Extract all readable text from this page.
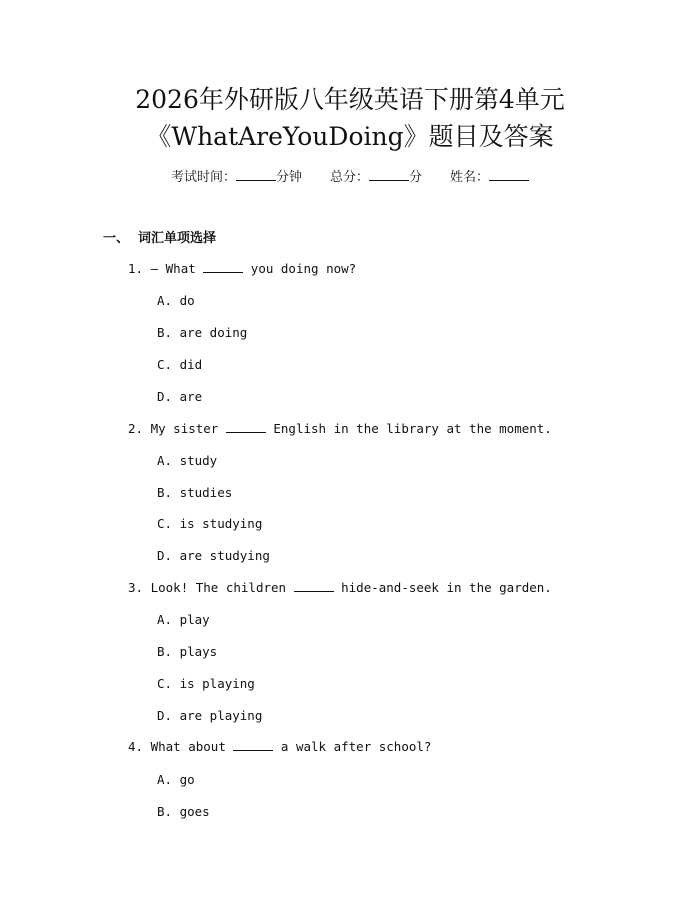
2026年外研版八年级英语下册第4单元
《WhatAreYouDoing》题目及答案
考试时间：	分钟 总分：	分 姓名：
一、 词汇单项选择
1. — What	you doing now?
A. do
B. are doing
C. did
D. are
2. My sister	English in the library at the moment.
A. study
B. studies
C. is studying
D. are studying
3. Look! The children	hide-and-seek in the garden.
A. play
B. plays
C. is playing
D. are playing
4. What about	a walk after school?
A. go
B. goes
